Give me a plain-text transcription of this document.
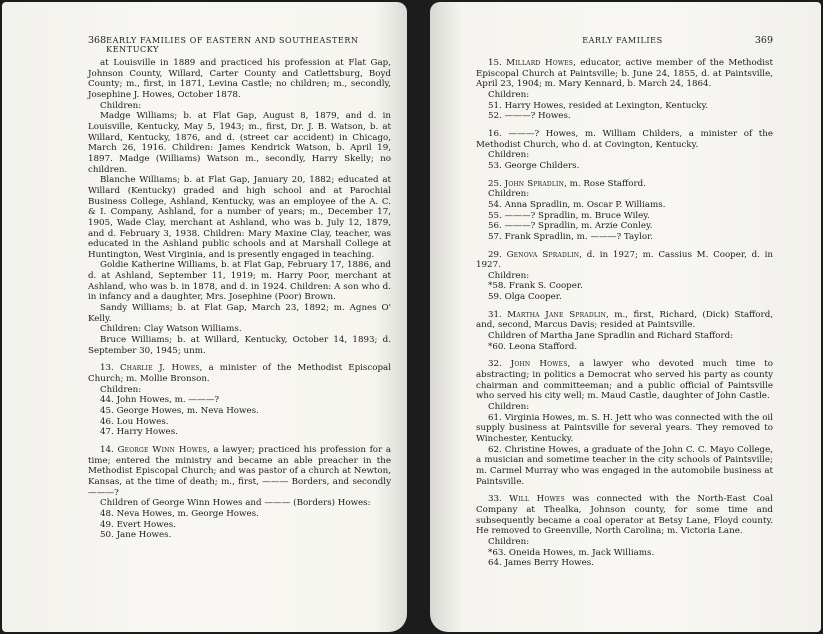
368 EARLY FAMILIES OF EASTERN AND SOUTHEASTERN KENTUCKY

at Louisville in 1889 and practiced his profession at Flat Gap, Johnson County, Willard, Carter County and Catlettsburg, Boyd County; m., first, in 1871, Levina Castle; no children; m., secondly, Josephine J. Howes, October 1878.

Children:

Madge Williams; b. at Flat Gap, August 8, 1879, and d. in Louisville, Kentucky, May 5, 1943; m., first, Dr. J. B. Watson, b. at Willard, Kentucky, 1876, and d. (street car accident) in Chicago, March 26, 1916. Children: James Kendrick Watson, b. April 19, 1897. Madge (Williams) Watson m., secondly, Harry Skelly; no children.

Blanche Williams; b. at Flat Gap, January 20, 1882; educated at Willard (Kentucky) graded and high school and at Parochial Business College, Ashland, Kentucky, was an employee of the A. C. & I. Company, Ashland, for a number of years; m., December 17, 1905, Wade Clay, merchant at Ashland, who was b. July 12, 1879, and d. February 3, 1938. Children: Mary Maxine Clay, teacher, was educated in the Ashland public schools and at Marshall College at Huntington, West Virginia, and is presently engaged in teaching.

Goldie Katherine Williams, b. at Flat Gap, February 17, 1886, and d. at Ashland, September 11, 1919; m. Harry Poor, merchant at Ashland, who was b. in 1878, and d. in 1924. Children: A son who d. in infancy and a daughter, Mrs. Josephine (Poor) Brown.

Sandy Williams; b. at Flat Gap, March 23, 1892; m. Agnes O' Kelly.

Children: Clay Watson Williams.

Bruce Williams; b. at Willard, Kentucky, October 14, 1893; d. September 30, 1945; unm.

13. Charlie J. Howes, a minister of the Methodist Episcopal Church; m. Mollie Bronson.

Children:

44. John Howes, m. ———?

45. George Howes, m. Neva Howes.

46. Lou Howes.

47. Harry Howes.

14. George Winn Howes, a lawyer; practiced his profession for a time; entered the ministry and became an able preacher in the Methodist Episcopal Church; and was pastor of a church at Newton, Kansas, at the time of death; m., first, ——— Borders, and secondly ———?

Children of George Winn Howes and ——— (Borders) Howes:

48. Neva Howes, m. George Howes.

49. Evert Howes.

50. Jane Howes.

EARLY FAMILIES	369

15. Millard Howes, educator, active member of the Methodist Episcopal Church at Paintsville; b. June 24, 1855, d. at Paintsville, April 23, 1904; m. Mary Kennard, b. March 24, 1864.

Children:

51. Harry Howes, resided at Lexington, Kentucky.

52. ———? Howes.

16. ———? Howes, m. William Childers, a minister of the Methodist Church, who d. at Covington, Kentucky.

Children:

53. George Childers.

25. John Spradlin, m. Rose Stafford.

Children:

54. Anna Spradlin, m. Oscar P. Williams.

55. ———? Spradlin, m. Bruce Wiley.

56. ———? Spradlin, m. Arzie Conley.

57. Frank Spradlin, m. ———? Taylor.

29. Genova Spradlin, d. in 1927; m. Cassius M. Cooper, d. in 1927.

Children:

*58. Frank S. Cooper.

59. Olga Cooper.

31. Martha Jane Spradlin, m., first, Richard, (Dick) Stafford, and, second, Marcus Davis; resided at Paintsville.

Children of Martha Jane Spradlin and Richard Stafford:

*60. Leona Stafford.

32. John Howes, a lawyer who devoted much time to abstracting; in politics a Democrat who served his party as county chairman and committeeman; and a public official of Paintsville who served his city well; m. Maud Castle, daughter of John Castle.

Children:

61. Virginia Howes, m. S. H. Jett who was connected with the oil supply business at Paintsville for several years. They removed to Winchester, Kentucky.

62. Christine Howes, a graduate of the John C. C. Mayo College, a musician and sometime teacher in the city schools of Paintsville; m. Carmel Murray who was engaged in the automobile business at Paintsville.

33. Will Howes was connected with the North-East Coal Company at Thealka, Johnson county, for some time and subsequently became a coal operator at Betsy Lane, Floyd county. He removed to Greenville, North Carolina; m. Victoria Lane.

Children:

*63. Oneida Howes, m. Jack Williams.

64. James Berry Howes.
